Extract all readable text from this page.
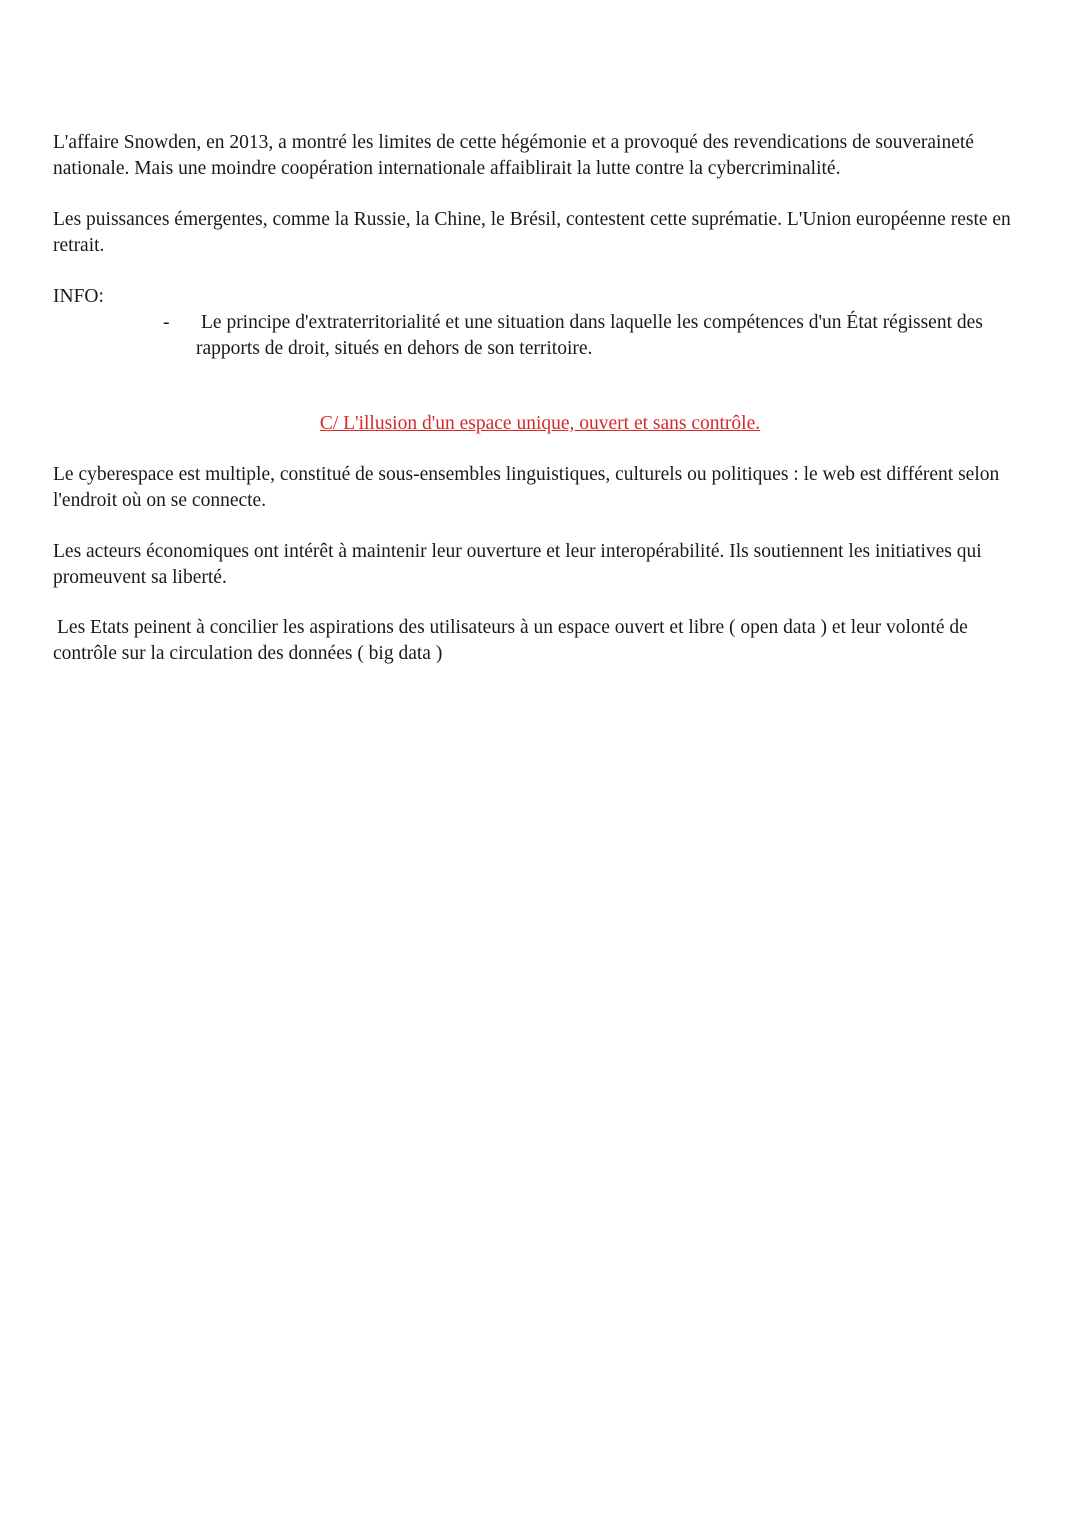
L'affaire Snowden, en 2013, a montré les limites de cette hégémonie et a provoqué des revendications de souveraineté nationale. Mais une moindre coopération internationale affaiblirait la lutte contre la cybercriminalité.

Les puissances émergentes, comme la Russie, la Chine, le Brésil, contestent cette suprématie. L'Union européenne reste en retrait.

INFO:

- Le principe d'extraterritorialité et une situation dans laquelle les compétences d'un État régissent des rapports de droit, situés en dehors de son territoire.

C/ L'illusion d'un espace unique, ouvert et sans contrôle.

Le cyberespace est multiple, constitué de sous-ensembles linguistiques, culturels ou politiques : le web est différent selon l'endroit où on se connecte.

Les acteurs économiques ont intérêt à maintenir leur ouverture et leur interopérabilité. Ils soutiennent les initiatives qui promeuvent sa liberté.

Les Etats peinent à concilier les aspirations des utilisateurs à un espace ouvert et libre ( open data ) et leur volonté de contrôle sur la circulation des données ( big data )
